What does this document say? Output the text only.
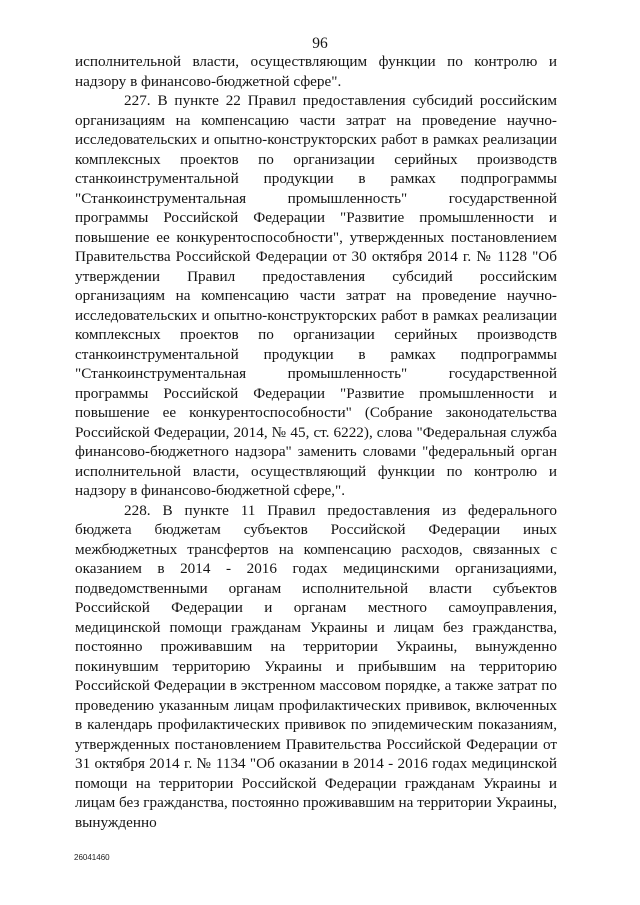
96

исполнительной власти, осуществляющим функции по контролю и надзору в финансово-бюджетной сфере".

227. В пункте 22 Правил предоставления субсидий российским организациям на компенсацию части затрат на проведение научно-исследовательских и опытно-конструкторских работ в рамках реализации комплексных проектов по организации серийных производств станкоинструментальной продукции в рамках подпрограммы "Станкоинструментальная промышленность" государственной программы Российской Федерации "Развитие промышленности и повышение ее конкурентоспособности", утвержденных постановлением Правительства Российской Федерации от 30 октября 2014 г. № 1128 "Об утверждении Правил предоставления субсидий российским организациям на компенсацию части затрат на проведение научно-исследовательских и опытно-конструкторских работ в рамках реализации комплексных проектов по организации серийных производств станкоинструментальной продукции в рамках подпрограммы "Станкоинструментальная промышленность" государственной программы Российской Федерации "Развитие промышленности и повышение ее конкурентоспособности" (Собрание законодательства Российской Федерации, 2014, № 45, ст. 6222), слова "Федеральная служба финансово-бюджетного надзора" заменить словами "федеральный орган исполнительной власти, осуществляющий функции по контролю и надзору в финансово-бюджетной сфере,".

228. В пункте 11 Правил предоставления из федерального бюджета бюджетам субъектов Российской Федерации иных межбюджетных трансфертов на компенсацию расходов, связанных с оказанием в 2014 - 2016 годах медицинскими организациями, подведомственными органам исполнительной власти субъектов Российской Федерации и органам местного самоуправления, медицинской помощи гражданам Украины и лицам без гражданства, постоянно проживавшим на территории Украины, вынужденно покинувшим территорию Украины и прибывшим на территорию Российской Федерации в экстренном массовом порядке, а также затрат по проведению указанным лицам профилактических прививок, включенных в календарь профилактических прививок по эпидемическим показаниям, утвержденных постановлением Правительства Российской Федерации от 31 октября 2014 г. № 1134 "Об оказании в 2014 - 2016 годах медицинской помощи на территории Российской Федерации гражданам Украины и лицам без гражданства, постоянно проживавшим на территории Украины, вынужденно

26041460
